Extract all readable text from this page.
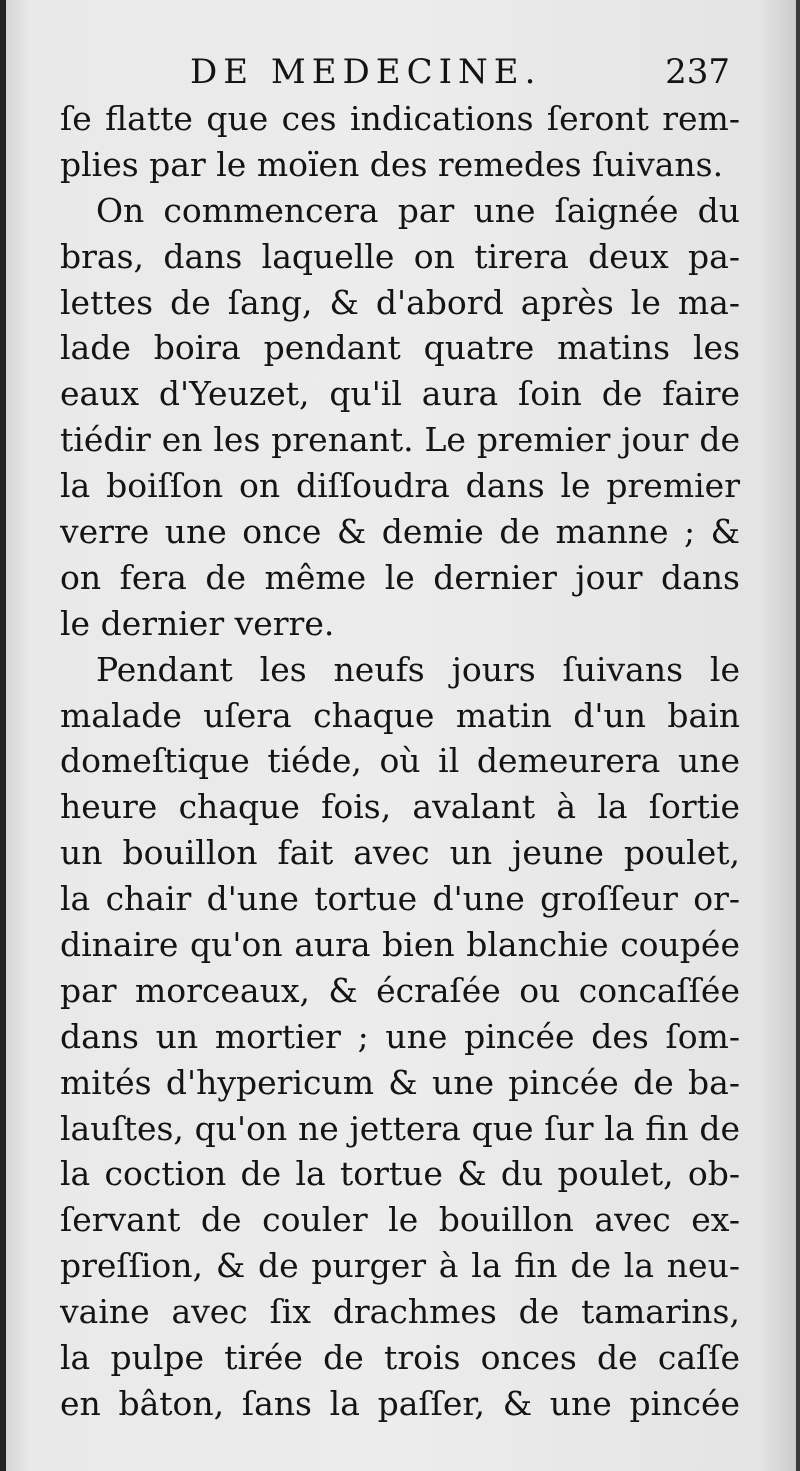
DE MEDECINE.	237
ſe flatte que ces indications ſeront rem-
plies par le moïen des remedes ſuivans.
On commencera par une ſaignée du
bras, dans laquelle on tirera deux pa-
lettes de ſang, & d'abord après le ma-
lade boira pendant quatre matins les
eaux d'Yeuzet, qu'il aura ſoin de faire
tiédir en les prenant. Le premier jour de
la boiſſon on diſſoudra dans le premier
verre une once & demie de manne ; &
on fera de même le dernier jour dans
le dernier verre.
Pendant les neufs jours ſuivans le
malade uſera chaque matin d'un bain
domeſtique tiéde, où il demeurera une
heure chaque fois, avalant à la ſortie
un bouillon fait avec un jeune poulet,
la chair d'une tortue d'une groſſeur or-
dinaire qu'on aura bien blanchie coupée
par morceaux, & écraſée ou concaſſée
dans un mortier ; une pincée des ſom-
mités d'hypericum & une pincée de ba-
lauſtes, qu'on ne jettera que ſur la fin de
la coction de la tortue & du poulet, ob-
ſervant de couler le bouillon avec ex-
preſſion, & de purger à la fin de la neu-
vaine avec ſix drachmes de tamarins,
la pulpe tirée de trois onces de caſſe
en bâton, ſans la paſſer, & une pincée
